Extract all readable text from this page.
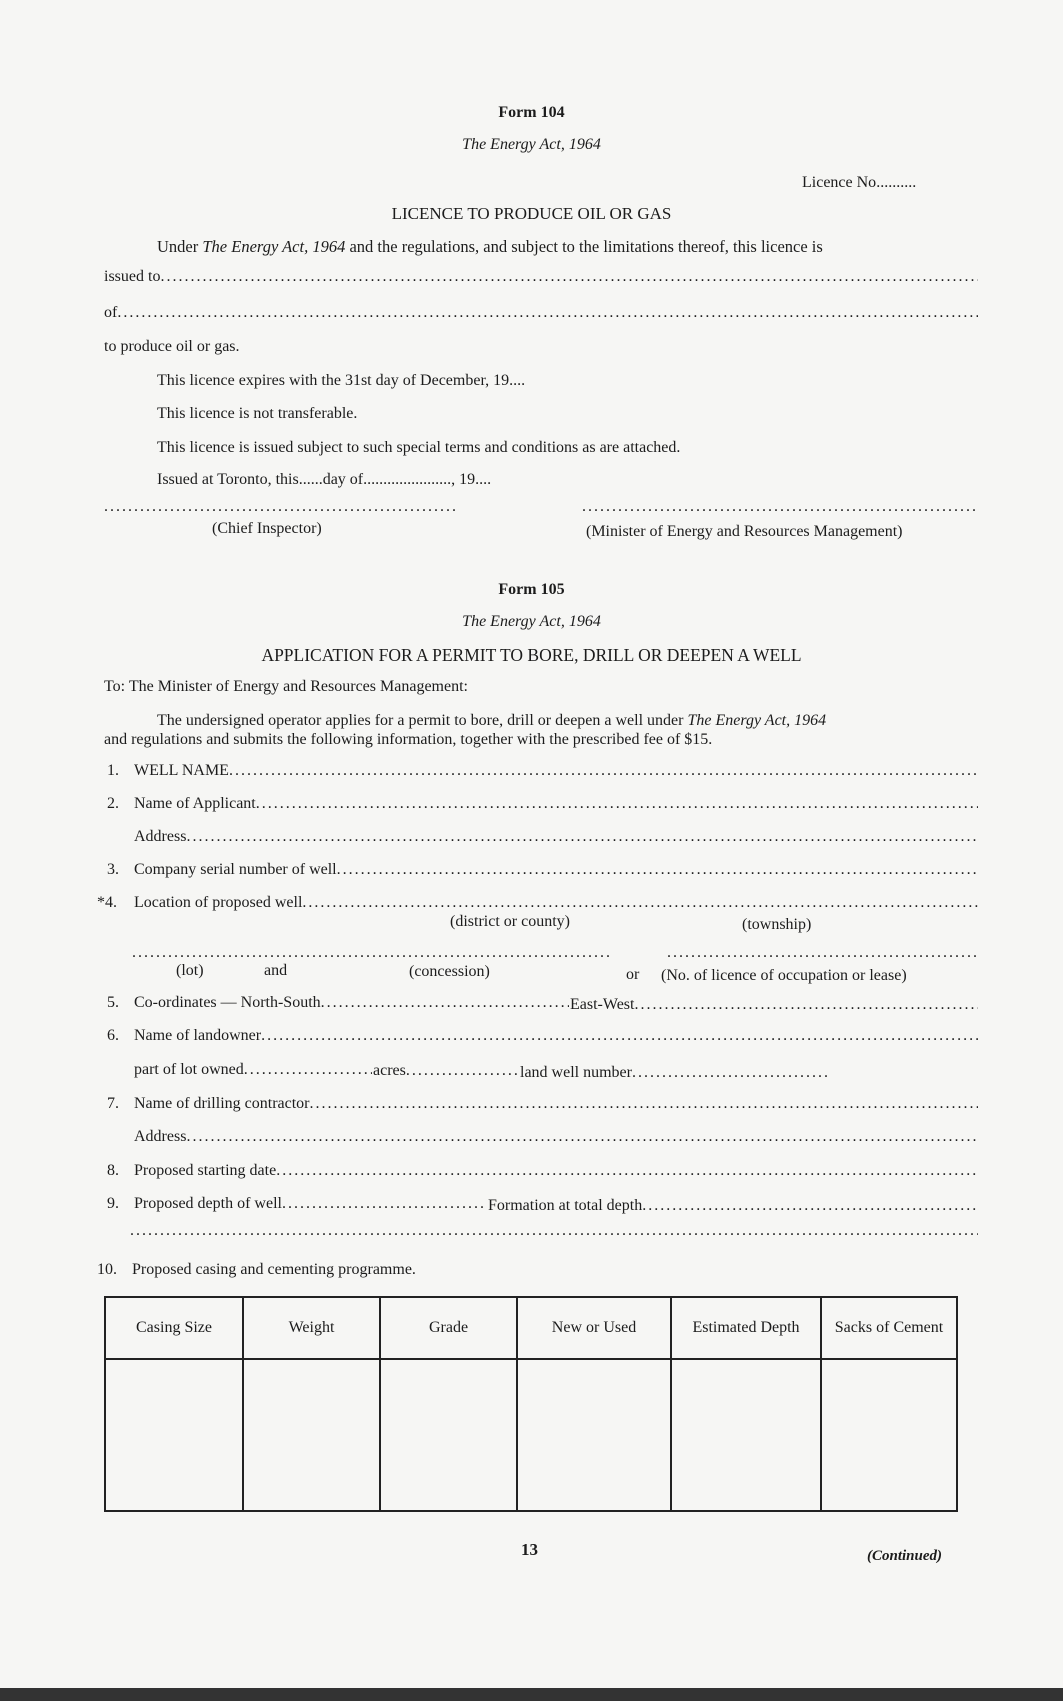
Form 104
The Energy Act, 1964
Licence No..........
LICENCE TO PRODUCE OIL OR GAS
Under The Energy Act, 1964 and the regulations, and subject to the limitations thereof, this licence is
issued to .....
of .....
to produce oil or gas.
This licence expires with the 31st day of December, 19....
This licence is not transferable.
This licence is issued subject to such special terms and conditions as are attached.
Issued at Toronto, this......day of......................, 19....
.....
.....
(Chief Inspector)	(Minister of Energy and Resources Management)
Form 105
The Energy Act, 1964
APPLICATION FOR A PERMIT TO BORE, DRILL OR DEEPEN A WELL
To: The Minister of Energy and Resources Management:
The undersigned operator applies for a permit to bore, drill or deepen a well under The Energy Act, 1964
and regulations and submits the following information, together with the prescribed fee of $15.
1. WELL NAME .....
2. Name of Applicant .....
Address .....
3. Company serial number of well .....
*4. Location of proposed well .....
(district or county)	(township)
.....
.....
(lot)	and	(concession)	or (No. of licence of occupation or lease)
5. Co-ordinates — North-South .....	East-West .....
6. Name of landowner .....
part of lot owned .....	acres .....	land well number .....
7. Name of drilling contractor .....
Address .....
8. Proposed starting date .....
9. Proposed depth of well .....	Formation at total depth .....
.....
10. Proposed casing and cementing programme.
Casing Size	Weight	Grade	New or Used	Estimated Depth	Sacks of Cement

13	(Continued)
